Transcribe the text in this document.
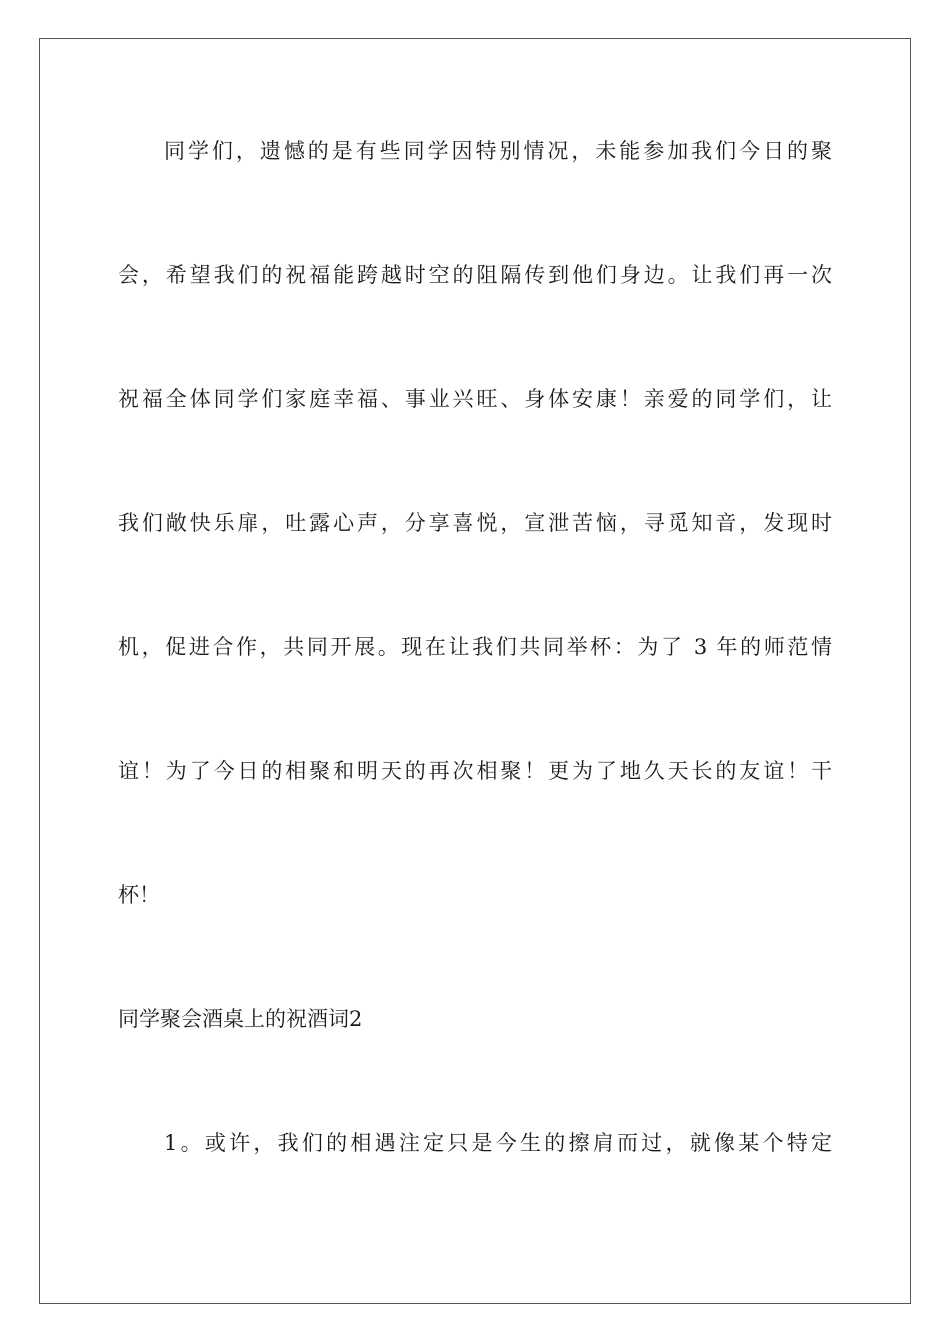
同学们，遗憾的是有些同学因特别情况，未能参加我们今日的聚
会，希望我们的祝福能跨越时空的阻隔传到他们身边。让我们再一次
祝福全体同学们家庭幸福、事业兴旺、身体安康！亲爱的同学们，让
我们敞快乐扉，吐露心声，分享喜悦，宣泄苦恼，寻觅知音，发现时
机，促进合作，共同开展。现在让我们共同举杯：为了 3 年的师范情
谊！为了今日的相聚和明天的再次相聚！更为了地久天长的友谊！干
杯！
同学聚会酒桌上的祝酒词2
1。或许，我们的相遇注定只是今生的擦肩而过，就像某个特定
